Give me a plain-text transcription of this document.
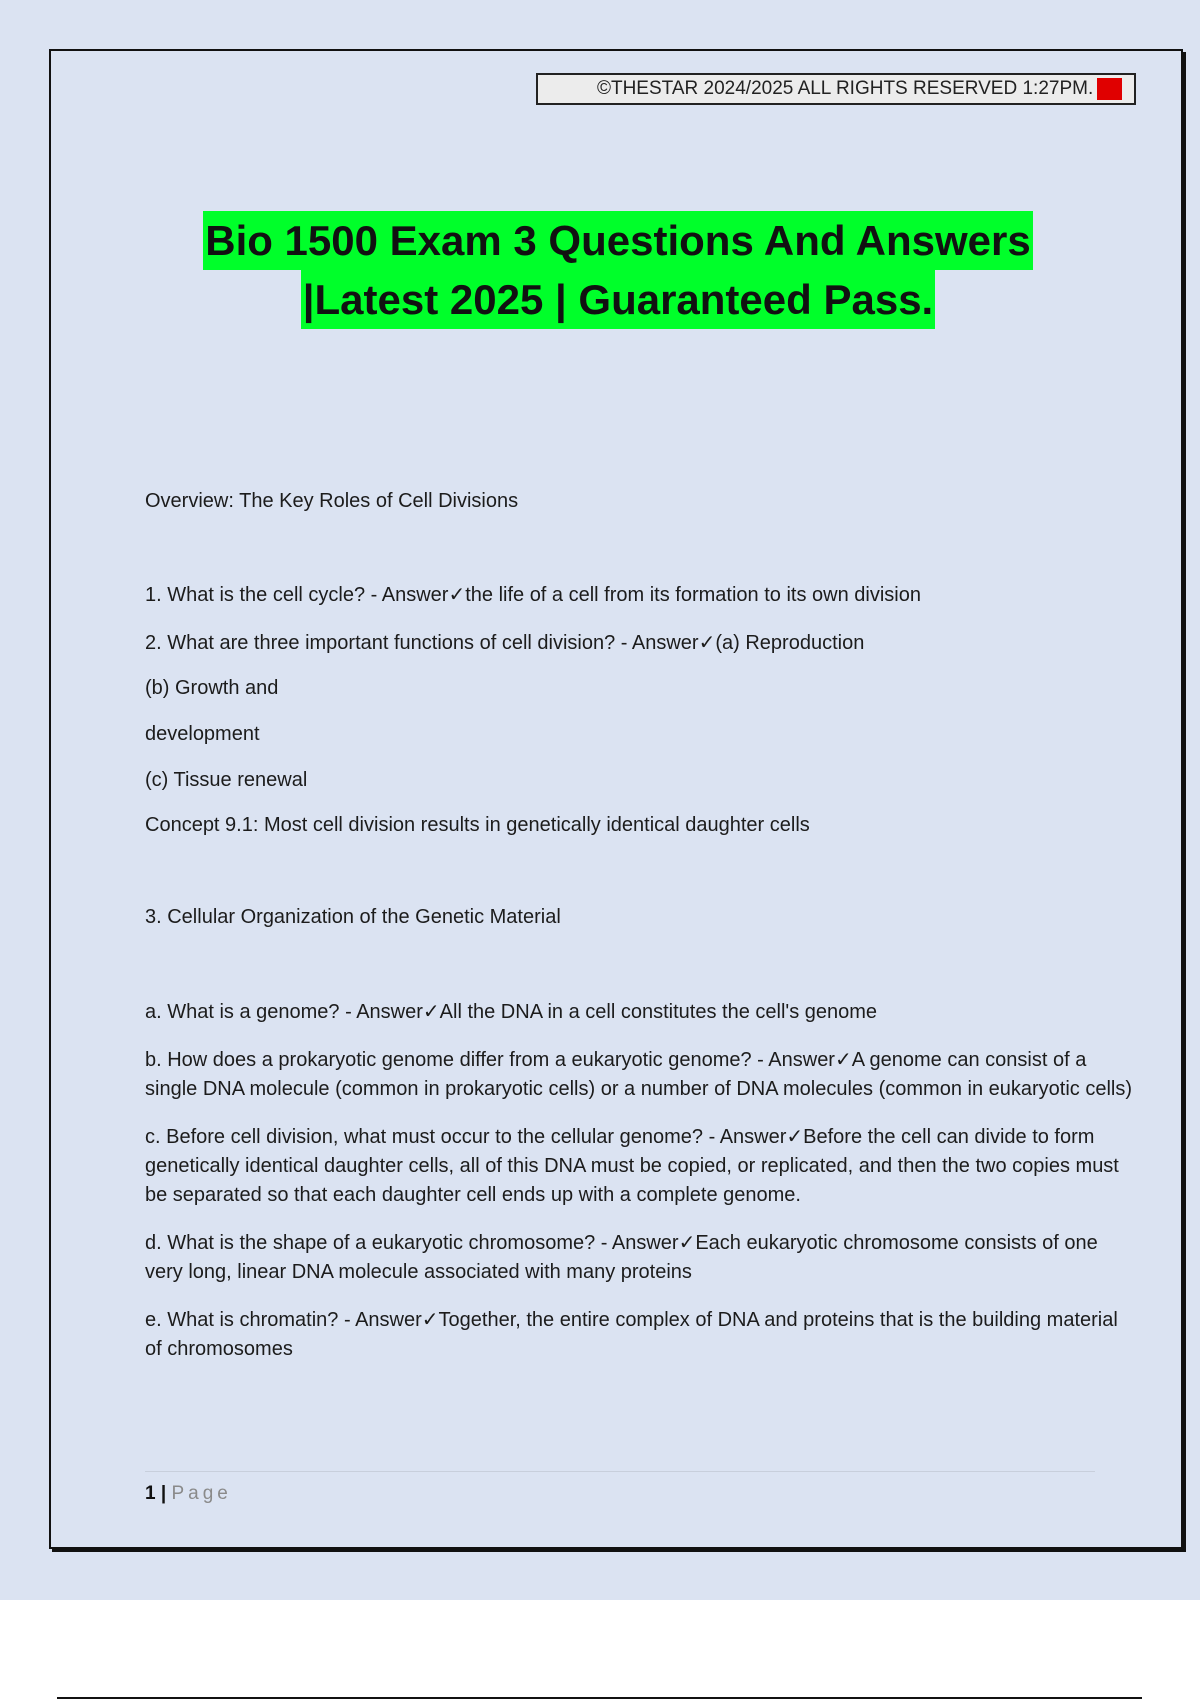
©THESTAR 2024/2025 ALL RIGHTS RESERVED 1:27PM. A+
Bio 1500 Exam 3 Questions And Answers
|Latest 2025 | Guaranteed Pass.

Overview: The Key Roles of Cell Divisions

1. What is the cell cycle? - Answer✓the life of a cell from its formation to its own division

2. What are three important functions of cell division? - Answer✓(a) Reproduction

(b) Growth and

development

(c) Tissue renewal

Concept 9.1: Most cell division results in genetically identical daughter cells

3. Cellular Organization of the Genetic Material

a. What is a genome? - Answer✓All the DNA in a cell constitutes the cell's genome

b. How does a prokaryotic genome differ from a eukaryotic genome? - Answer✓A genome can consist of a single DNA molecule (common in prokaryotic cells) or a number of DNA molecules (common in eukaryotic cells)

c. Before cell division, what must occur to the cellular genome? - Answer✓Before the cell can divide to form genetically identical daughter cells, all of this DNA must be copied, or replicated, and then the two copies must be separated so that each daughter cell ends up with a complete genome.

d. What is the shape of a eukaryotic chromosome? - Answer✓Each eukaryotic chromosome consists of one very long, linear DNA molecule associated with many proteins

e. What is chromatin? - Answer✓Together, the entire complex of DNA and proteins that is the building material of chromosomes

1 | Page
